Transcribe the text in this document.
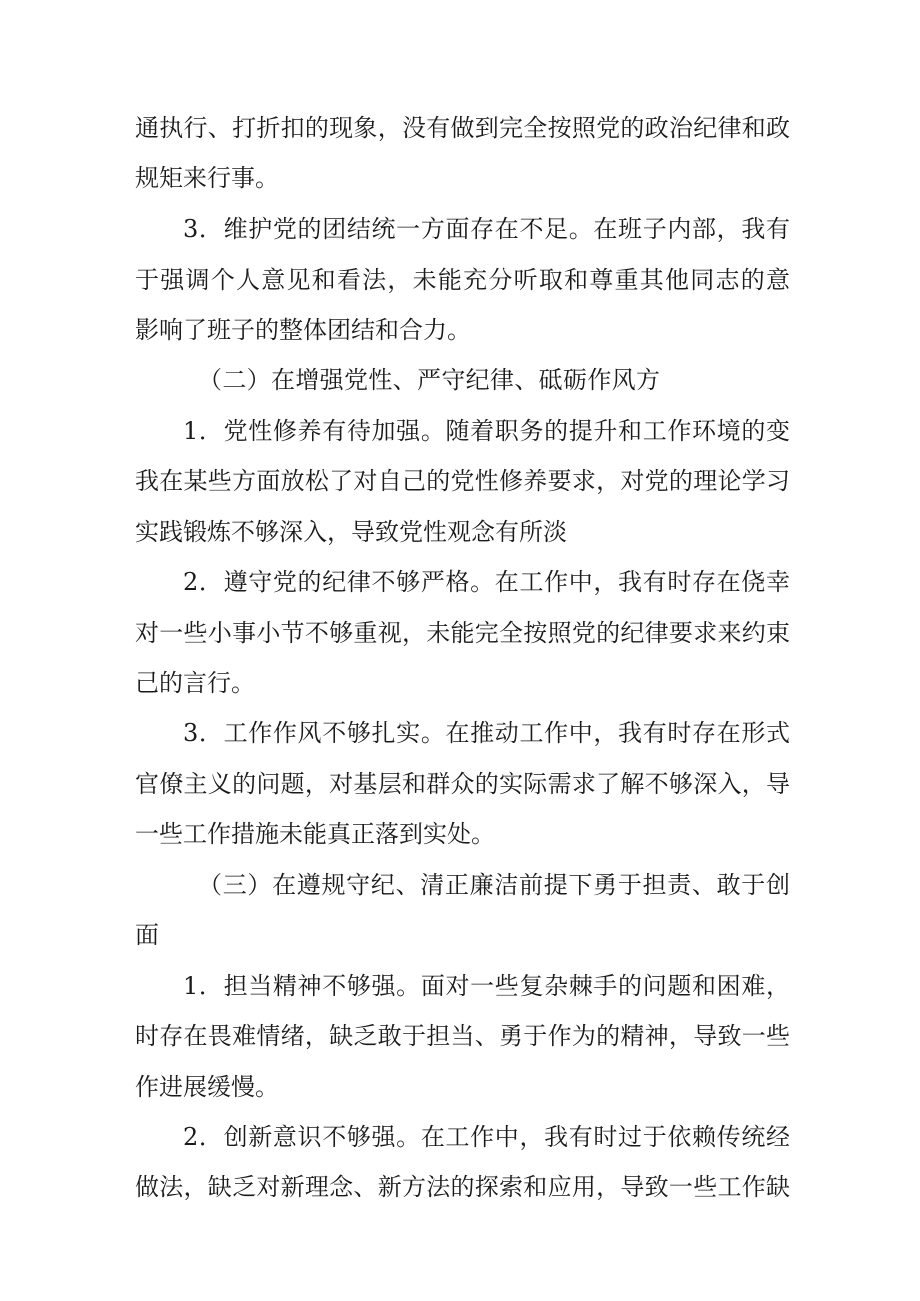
通执行、打折扣的现象，没有做到完全按照党的政治纪律和政
规矩来行事。
3．维护党的团结统一方面存在不足。在班子内部，我有
于强调个人意见和看法，未能充分听取和尊重其他同志的意
影响了班子的整体团结和合力。
（二）在增强党性、严守纪律、砥砺作风方
1．党性修养有待加强。随着职务的提升和工作环境的变
我在某些方面放松了对自己的党性修养要求，对党的理论学习
实践锻炼不够深入，导致党性观念有所淡
2．遵守党的纪律不够严格。在工作中，我有时存在侥幸
对一些小事小节不够重视，未能完全按照党的纪律要求来约束
己的言行。
3．工作作风不够扎实。在推动工作中，我有时存在形式
官僚主义的问题，对基层和群众的实际需求了解不够深入，导
一些工作措施未能真正落到实处。
（三）在遵规守纪、清正廉洁前提下勇于担责、敢于创
面
1．担当精神不够强。面对一些复杂棘手的问题和困难，
时存在畏难情绪，缺乏敢于担当、勇于作为的精神，导致一些
作进展缓慢。
2．创新意识不够强。在工作中，我有时过于依赖传统经
做法，缺乏对新理念、新方法的探索和应用，导致一些工作缺
